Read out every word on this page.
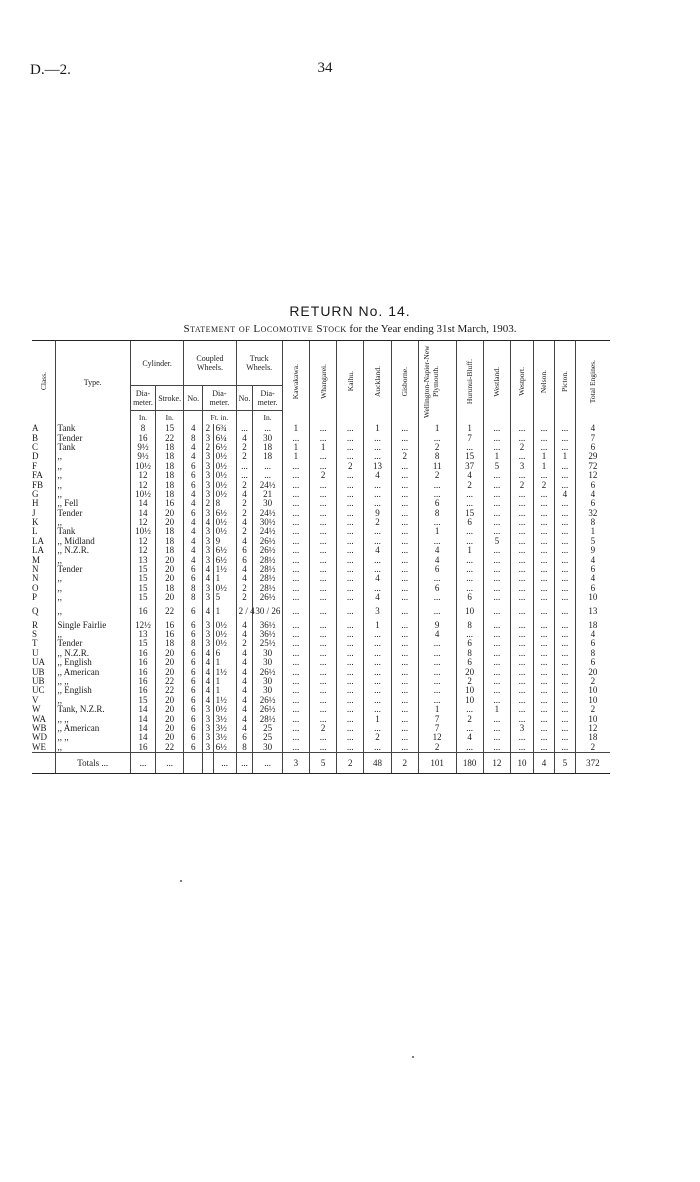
D.—2.	34
RETURN No. 14.
Statement of Locomotive Stock for the Year ending 31st March, 1903.
Class.	Type.	Cylinder.		Coupled Wheels.			Truck Wheels.		Kawakawa.	Whangarei.	Kaihu.	Auckland.	Gisborne.	Wellington-Napier-New Plymouth.	Hurunui-Bluff.	Westland.	Westport.	Nelson.	Picton.	Total Engines.
		Dia-meter.	Stroke.	No.	Dia-meter.		No.	Dia-meter.												
		In.	In.		Ft. in.			In.												
A	Tank	8	15	4	2	6¾	...	...	1	...	...	1	...	1	1	...	...	...	...	4
B	Tender	16	22	8	3	6¼	4	30	...	...	...	...	...	...	7	...	...	...	...	7
C	Tank	9½	18	4	2	6½	2	18	1	1	...	...	...	2	...	...	2	...	...	6
D	,,	9½	18	4	3	0½	2	18	1	...	...	...	2	8	15	1	...	1	1	29
F	,,	10½	18	6	3	0½	...	...	...	...	2	13	...	11	37	5	3	1	...	72
FA	,,	12	18	6	3	0½	...	...	...	2	...	4	...	2	4	...	...	...	...	12
FB	,,	12	18	6	3	0½	2	24½	...	...	...	...	...	...	2	...	2	2	...	6
G	,,	10½	18	4	3	0½	4	21	...	...	...	...	...	...	...	...	...	...	4	4
H	,, Fell	14	16	4	2	8	2	30	...	...	...	...	...	6	...	...	...	...	...	6
J	Tender	14	20	6	3	6½	2	24½	...	...	...	9	...	8	15	...	...	...	...	32
K	,,	12	20	4	4	0½	4	30½	...	...	...	2	...	...	6	...	...	...	...	8
L	Tank	10½	18	4	3	0½	2	24½	...	...	...	...	...	1	...	...	...	...	...	1
LA	,, Midland	12	18	4	3	9	4	26½	...	...	...	...	...	...	...	5	...	...	...	5
LA	,, N.Z.R.	12	18	4	3	6½	6	26½	...	...	...	4	...	4	1	...	...	...	...	9
M	,,	13	20	4	3	6½	6	28½	...	...	...	...	...	4	...	...	...	...	...	4
N	Tender	15	20	6	4	1½	4	28½	...	...	...	...	...	6	...	...	...	...	...	6
N	,,	15	20	6	4	1	4	28½	...	...	...	4	...	...	...	...	...	...	...	4
O	,,	15	18	8	3	0½	2	28½	...	...	...	...	...	6	...	...	...	...	...	6
P	,,	15	20	8	3	5	2	26½	...	...	...	4	...	...	6	...	...	...	...	10
Q	,,	16	22	6	4	1	2 / 4	30 / 26	...	...	...	3	...	...	10	...	...	...	...	13
R	Single Fairlie	12½	16	6	3	0½	4	36½	...	...	...	1	...	9	8	...	...	...	...	18
S	,,	13	16	6	3	0½	4	36½	...	...	...	...	...	4	...	...	...	...	...	4
T	Tender	15	18	8	3	0½	2	25½	...	...	...	...	...	...	6	...	...	...	...	6
U	,, N.Z.R.	16	20	6	4	6	4	30	...	...	...	...	...	...	8	...	...	...	...	8
UA	,, English	16	20	6	4	1	4	30	...	...	...	...	...	...	6	...	...	...	...	6
UB	,, American	16	20	6	4	1½	4	26½	...	...	...	...	...	...	20	...	...	...	...	20
UB	,, ,,	16	22	6	4	1	4	30	...	...	...	...	...	...	2	...	...	...	...	2
UC	,, English	16	22	6	4	1	4	30	...	...	...	...	...	...	10	...	...	...	...	10
V	,,	15	20	6	4	1½	4	26½	...	...	...	...	...	...	10	...	...	...	...	10
W	Tank, N.Z.R.	14	20	6	3	0½	4	26½	...	...	...	...	...	1	...	1	...	...	...	2
WA	,, ,,	14	20	6	3	3½	4	28½	...	...	...	1	...	7	2	...	...	...	...	10
WB	,, American	14	20	6	3	3½	4	25	...	2	...	...	...	7	...	...	3	...	...	12
WD	,, ,,	14	20	6	3	3½	6	25	...	...	...	2	...	12	4	...	...	...	...	18
WE	,,	16	22	6	3	6½	8	30	...	...	...	...	...	2	...	...	...	...	...	2
	Totals ...	...	...			...	...	...	3	5	2	48	2	101	180	12	10	4	5	372
